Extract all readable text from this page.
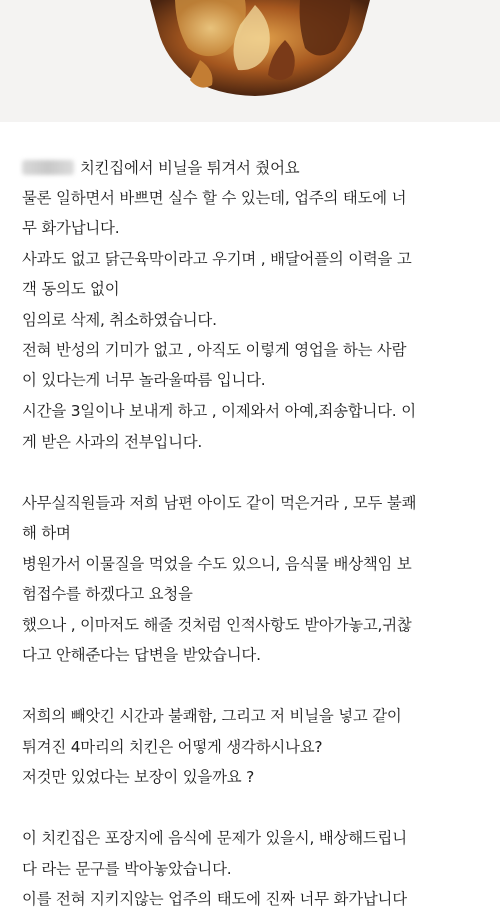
치킨집에서 비닐을 튀겨서 줬어요
물론 일하면서 바쁘면 실수 할 수 있는데, 업주의 태도에 너
무 화가납니다.
사과도 없고 닭근육막이라고 우기며 , 배달어플의 이력을 고
객 동의도 없이
임의로 삭제, 취소하였습니다.
전혀 반성의 기미가 없고 , 아직도 이렇게 영업을 하는 사람
이 있다는게 너무 놀라울따름 입니다.
시간을 3일이나 보내게 하고 , 이제와서 아예,죄송합니다. 이
게 받은 사과의 전부입니다.
사무실직원들과 저희 남편 아이도 같이 먹은거라 , 모두 불쾌
해 하며
병원가서 이물질을 먹었을 수도 있으니, 음식물 배상책임 보
험접수를 하겠다고 요청을
했으나 , 이마저도 해줄 것처럼 인적사항도 받아가놓고,귀찮
다고 안해준다는 답변을 받았습니다.
저희의 빼앗긴 시간과 불쾌함, 그리고 저 비닐을 넣고 같이
튀겨진 4마리의 치킨은 어떻게 생각하시나요?
저것만 있었다는 보장이 있을까요 ?
이 치킨집은 포장지에 음식에 문제가 있을시, 배상해드립니
다 라는 문구를 박아놓았습니다.
이를 전혀 지키지않는 업주의 태도에 진짜 너무 화가납니다
